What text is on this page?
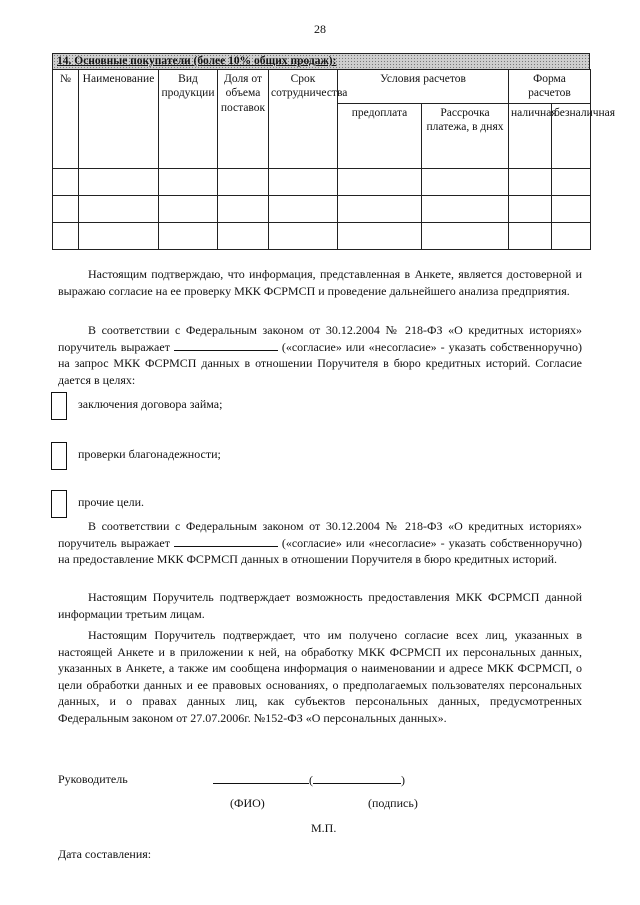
28
14. Основные покупатели (более 10% общих продаж):
№	Наименование	Вид продукции	Доля от объема поставок	Срок сотрудничества	Условия расчетов		Форма расчетов	
					предоплата	Рассрочка платежа, в днях	наличная	безналичная

Настоящим подтверждаю, что информация, представленная в Анкете, является достоверной и выражаю согласие на ее проверку МКК ФСРМСП и проведение дальнейшего анализа предприятия.
В соответствии с Федеральным законом от 30.12.2004 № 218-ФЗ «О кредитных историях» поручитель выражает	(«согласие» или «несогласие» - указать собственноручно) на запрос МКК ФСРМСП данных в отношении Поручителя в бюро кредитных историй. Согласие дается в целях:
заключения договора займа;
проверки благонадежности;
прочие цели.
В соответствии с Федеральным законом от 30.12.2004 № 218-ФЗ «О кредитных историях» поручитель выражает	(«согласие» или «несогласие» - указать собственноручно) на предоставление МКК ФСРМСП данных в отношении Поручителя в бюро кредитных историй.
Настоящим Поручитель подтверждает возможность предоставления МКК ФСРМСП данной информации третьим лицам.
Настоящим Поручитель подтверждает, что им получено согласие всех лиц, указанных в настоящей Анкете и в приложении к ней, на обработку МКК ФСРМСП их персональных данных, указанных в Анкете, а также им сообщена информация о наименовании и адресе МКК ФСРМСП, о цели обработки данных и ее правовых основаниях, о предполагаемых пользователях персональных данных, и о правах данных лиц, как субъектов персональных данных, предусмотренных Федеральным законом от 27.07.2006г. №152-ФЗ «О персональных данных».
Руководитель	(	)
(ФИО)	(подпись)
М.П.
Дата составления:
